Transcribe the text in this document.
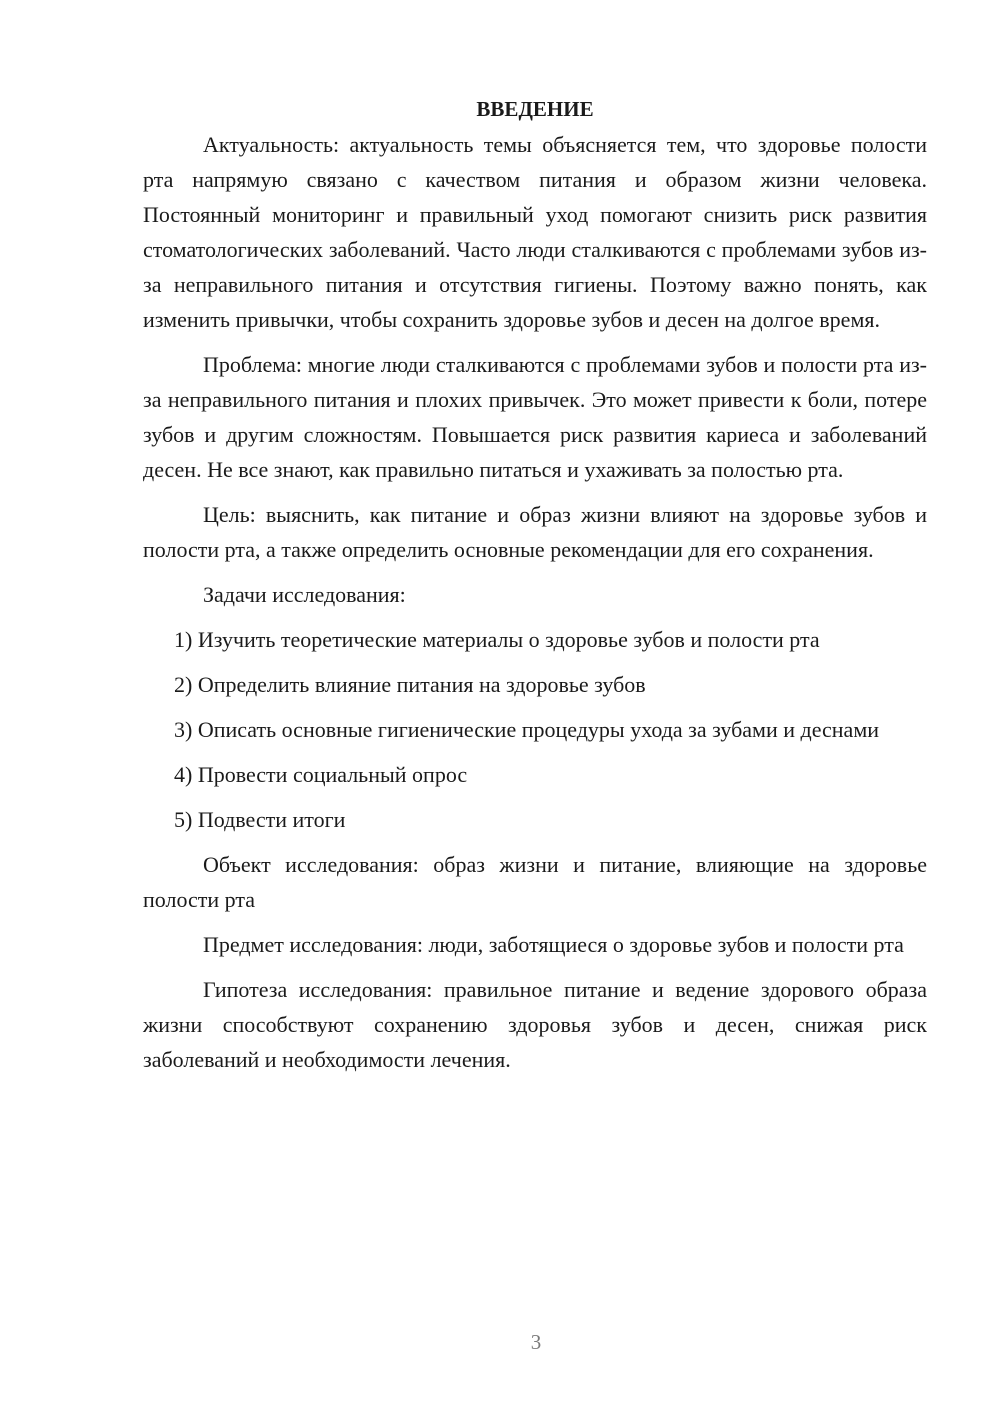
ВВЕДЕНИЕ

Актуальность: актуальность темы объясняется тем, что здоровье полости рта напрямую связано с качеством питания и образом жизни человека. Постоянный мониторинг и правильный уход помогают снизить риск развития стоматологических заболеваний. Часто люди сталкиваются с проблемами зубов из-за неправильного питания и отсутствия гигиены. Поэтому важно понять, как изменить привычки, чтобы сохранить здоровье зубов и десен на долгое время.

Проблема: многие люди сталкиваются с проблемами зубов и полости рта из-за неправильного питания и плохих привычек. Это может привести к боли, потере зубов и другим сложностям. Повышается риск развития кариеса и заболеваний десен. Не все знают, как правильно питаться и ухаживать за полостью рта.

Цель: выяснить, как питание и образ жизни влияют на здоровье зубов и полости рта, а также определить основные рекомендации для его сохранения.

Задачи исследования:

1) Изучить теоретические материалы о здоровье зубов и полости рта

2) Определить влияние питания на здоровье зубов

3) Описать основные гигиенические процедуры ухода за зубами и деснами

4) Провести социальный опрос

5) Подвести итоги

Объект исследования: образ жизни и питание, влияющие на здоровье полости рта

Предмет исследования: люди, заботящиеся о здоровье зубов и полости рта

Гипотеза исследования: правильное питание и ведение здорового образа жизни способствуют сохранению здоровья зубов и десен, снижая риск заболеваний и необходимости лечения.

3
